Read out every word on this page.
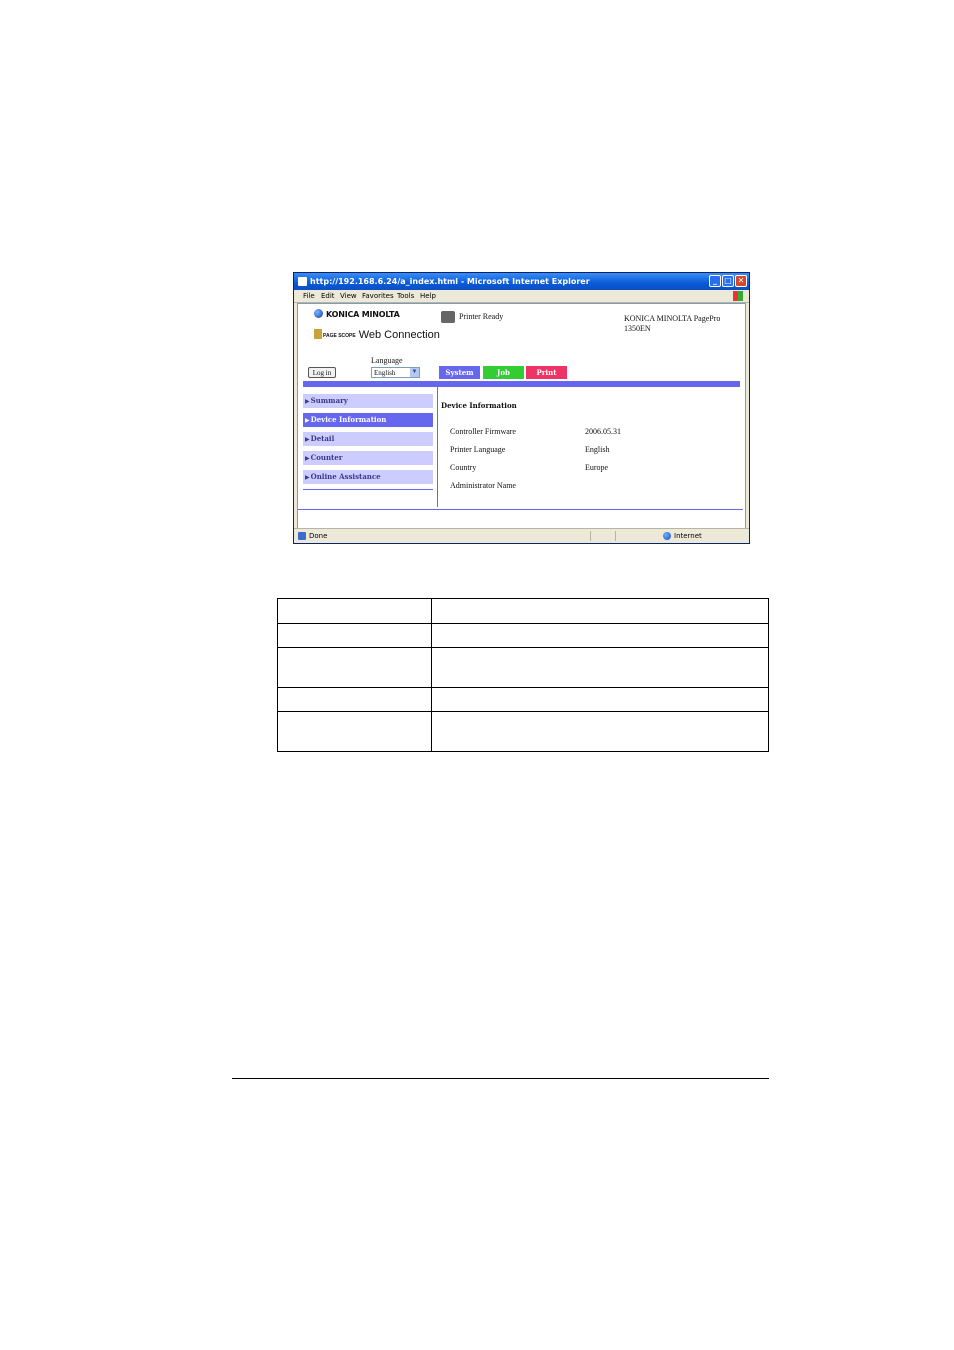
http://192.168.6.24/a_index.html - Microsoft Internet Explorer	_ □ ✕
File Edit View Favorites Tools Help
KONICA MINOLTA
PAGE SCOPE Web Connection
Printer Ready	KONICA MINOLTA PagePro
1350EN
Language
Log in	English	▼	System	Job	Print
▶Summary
▶Device Information
▶Detail
▶Counter
▶Online Assistance
Device Information
Controller Firmware	2006.05.31
Printer Language	English
Country	Europe
Administrator Name
Done	Internet
